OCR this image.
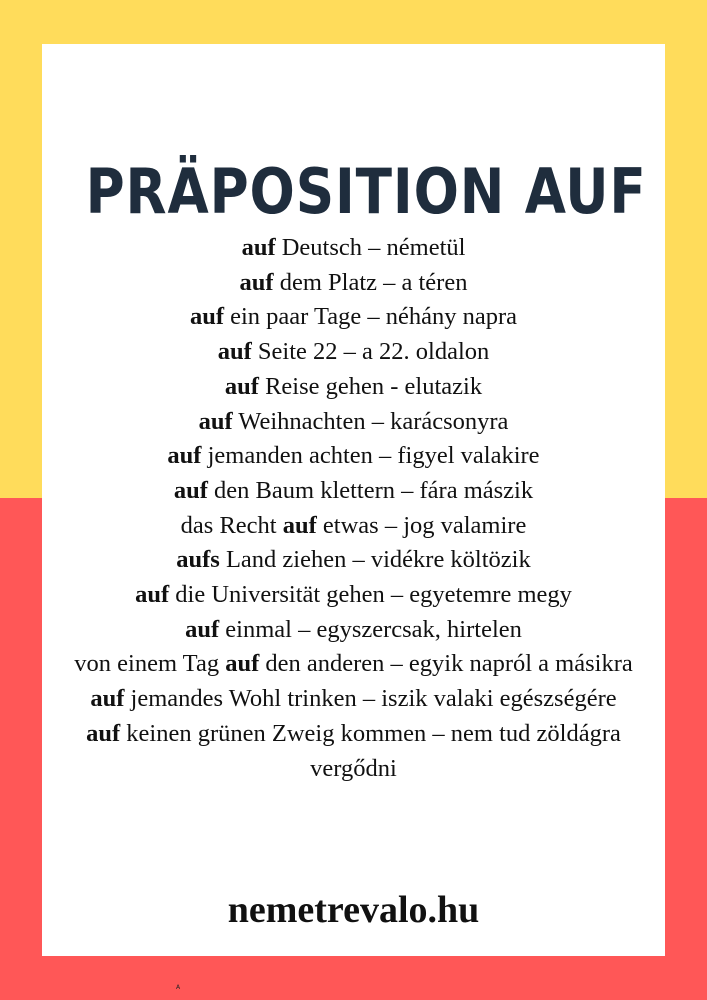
PRÄPOSITION AUF
auf Deutsch – németül
auf dem Platz – a téren
auf ein paar Tage – néhány napra
auf Seite 22 – a 22. oldalon
auf Reise gehen - elutazik
auf Weihnachten – karácsonyra
auf jemanden achten – figyel valakire
auf den Baum klettern – fára mászik
das Recht auf etwas – jog valamire
aufs Land ziehen – vidékre költözik
auf die Universität gehen – egyetemre megy
auf einmal – egyszercsak, hirtelen
von einem Tag auf den anderen – egyik napról a másikra
auf jemandes Wohl trinken – iszik valaki egészségére
auf keinen grünen Zweig kommen – nem tud zöldágra vergődni
nemetrevalo.hu
A
